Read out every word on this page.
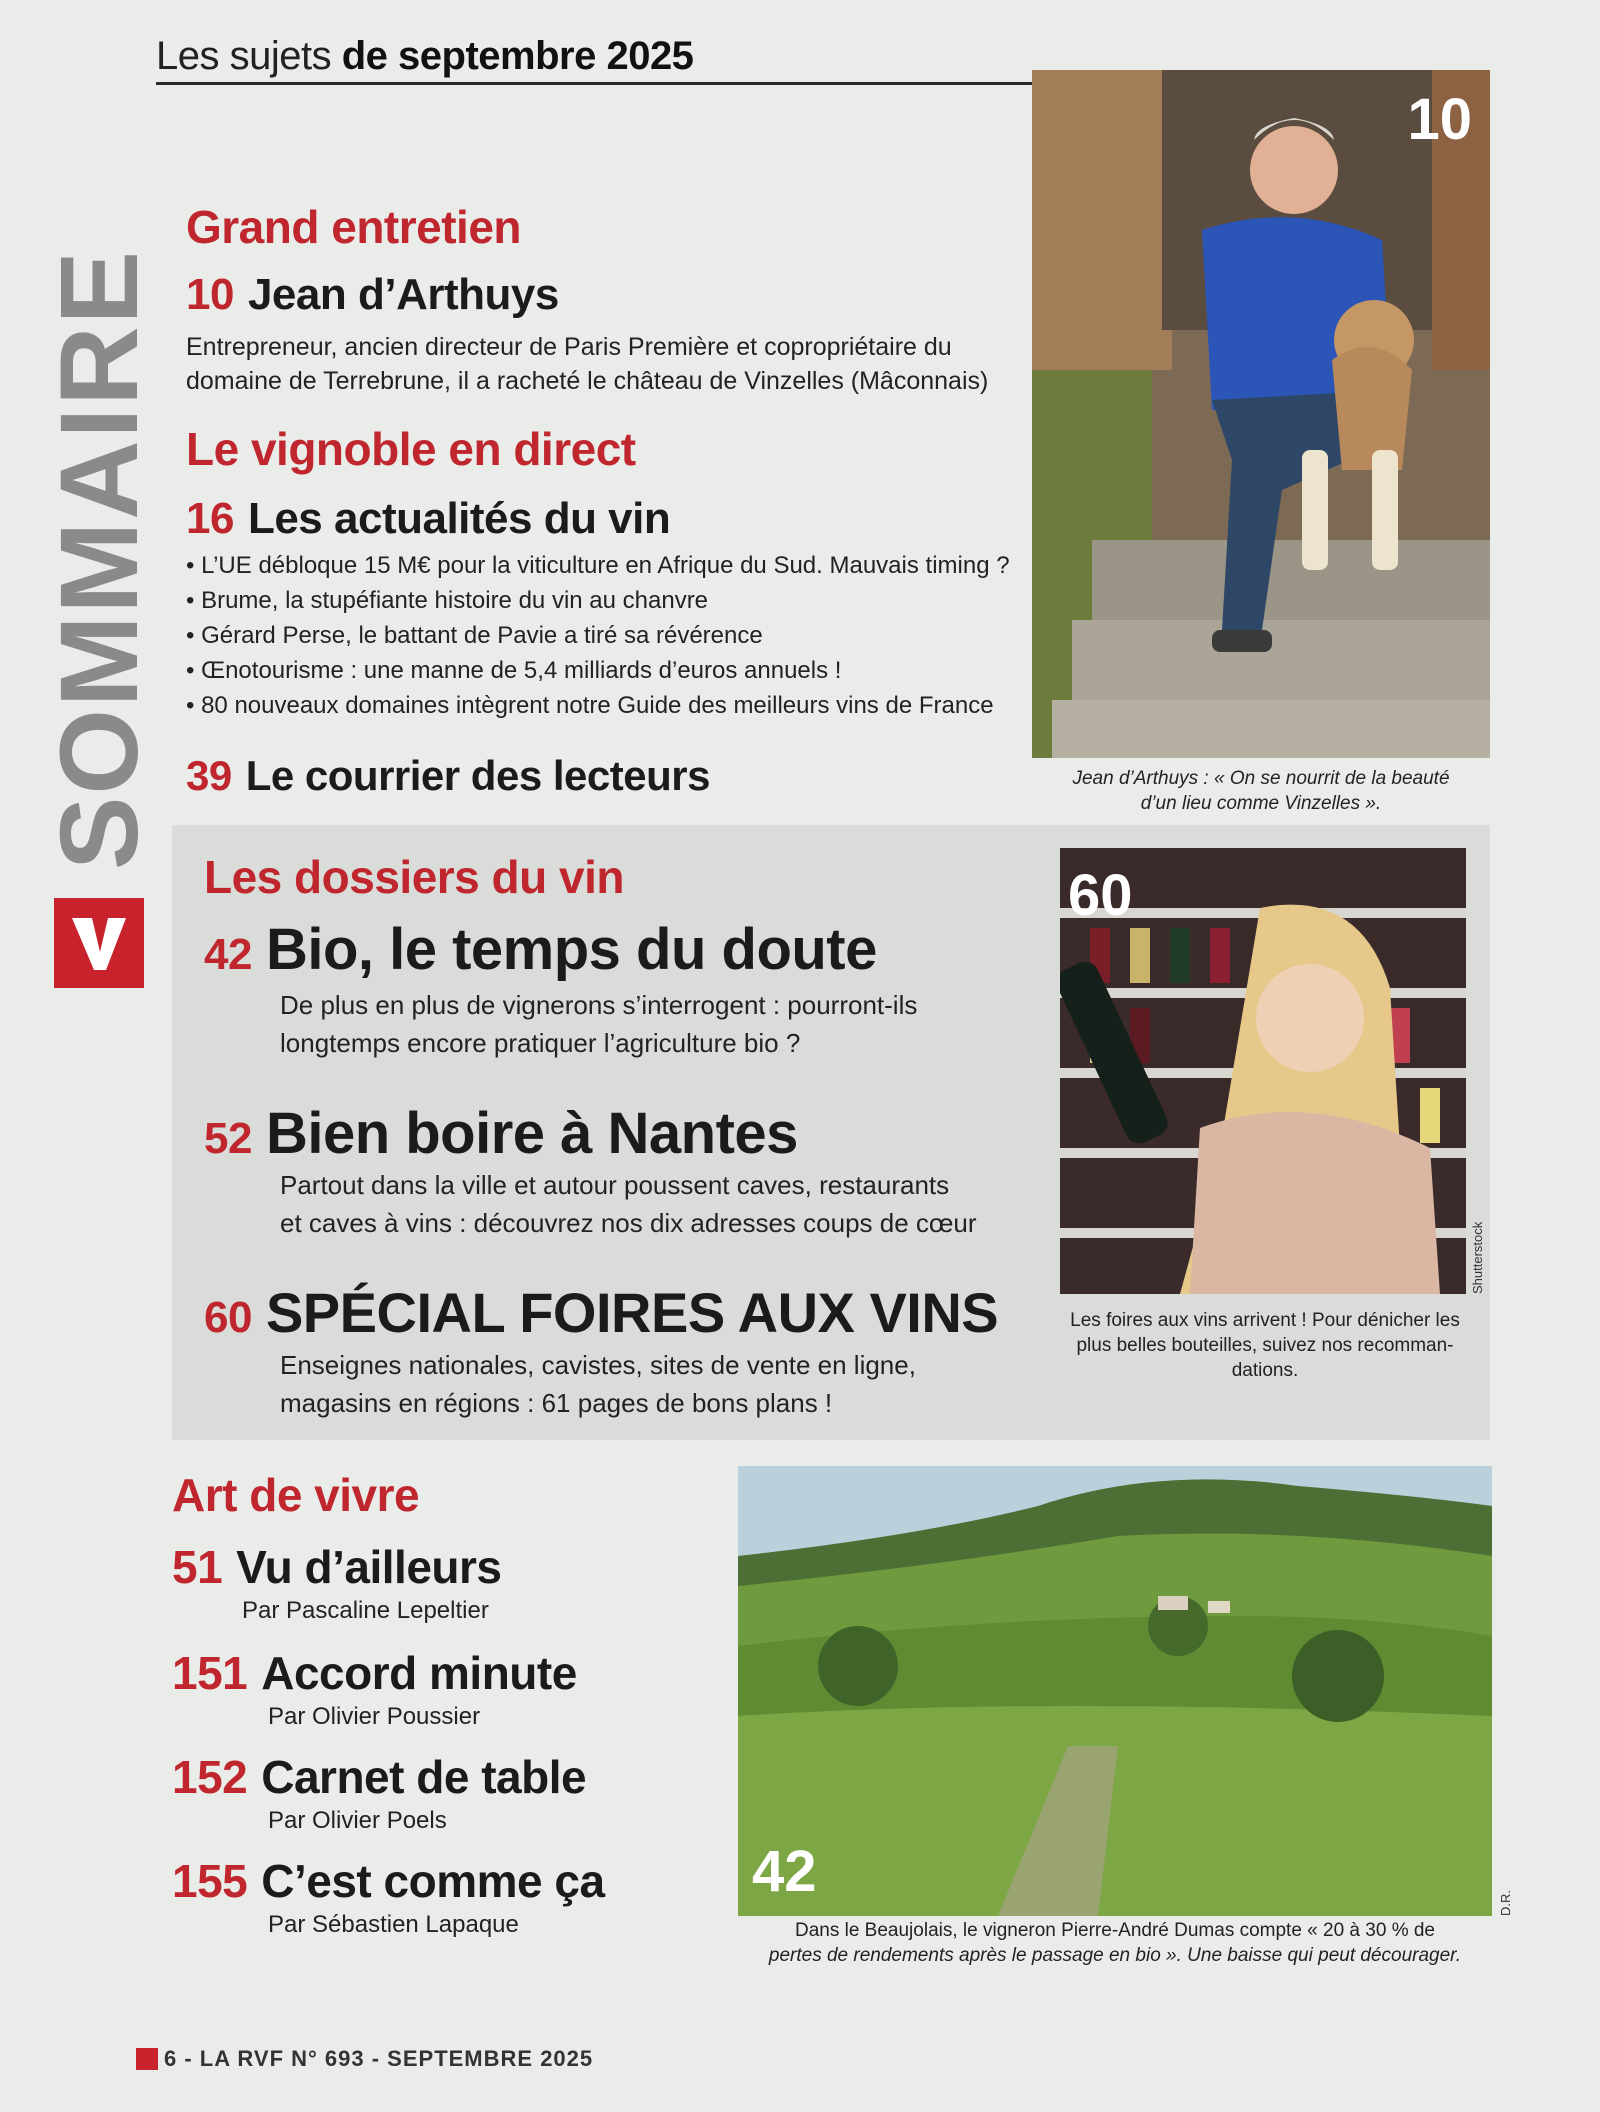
Les sujets de septembre 2025
SOMMAIRE
Grand entretien
10 Jean d’Arthuys
Entrepreneur, ancien directeur de Paris Première et copropriétaire du domaine de Terrebrune, il a racheté le château de Vinzelles (Mâconnais)
Le vignoble en direct
16 Les actualités du vin
• L’UE débloque 15 M€ pour la viticulture en Afrique du Sud. Mauvais timing ?
• Brume, la stupéfiante histoire du vin au chanvre
• Gérard Perse, le battant de Pavie a tiré sa révérence
• Œnotourisme : une manne de 5,4 milliards d’euros annuels !
• 80 nouveaux domaines intègrent notre Guide des meilleurs vins de France
39 Le courrier des lecteurs
10
Jean d’Arthuys : « On se nourrit de la beauté
d’un lieu comme Vinzelles ».
Les dossiers du vin
42 Bio, le temps du doute
De plus en plus de vignerons s’interrogent : pourront-ils
longtemps encore pratiquer l’agriculture bio ?
52 Bien boire à Nantes
Partout dans la ville et autour poussent caves, restaurants
et caves à vins : découvrez nos dix adresses coups de cœur
60 SPÉCIAL FOIRES AUX VINS
Enseignes nationales, cavistes, sites de vente en ligne,
magasins en régions : 61 pages de bons plans !
60
Shutterstock
Les foires aux vins arrivent ! Pour dénicher les
plus belles bouteilles, suivez nos recomman-
dations.
Art de vivre
51 Vu d’ailleurs
Par Pascaline Lepeltier
151 Accord minute
Par Olivier Poussier
152 Carnet de table
Par Olivier Poels
155 C’est comme ça
Par Sébastien Lapaque
42	D.R.
Dans le Beaujolais, le vigneron Pierre-André Dumas compte « 20 à 30 % de
pertes de rendements après le passage en bio ». Une baisse qui peut décourager.
6 - LA RVF N° 693 - SEPTEMBRE 2025
